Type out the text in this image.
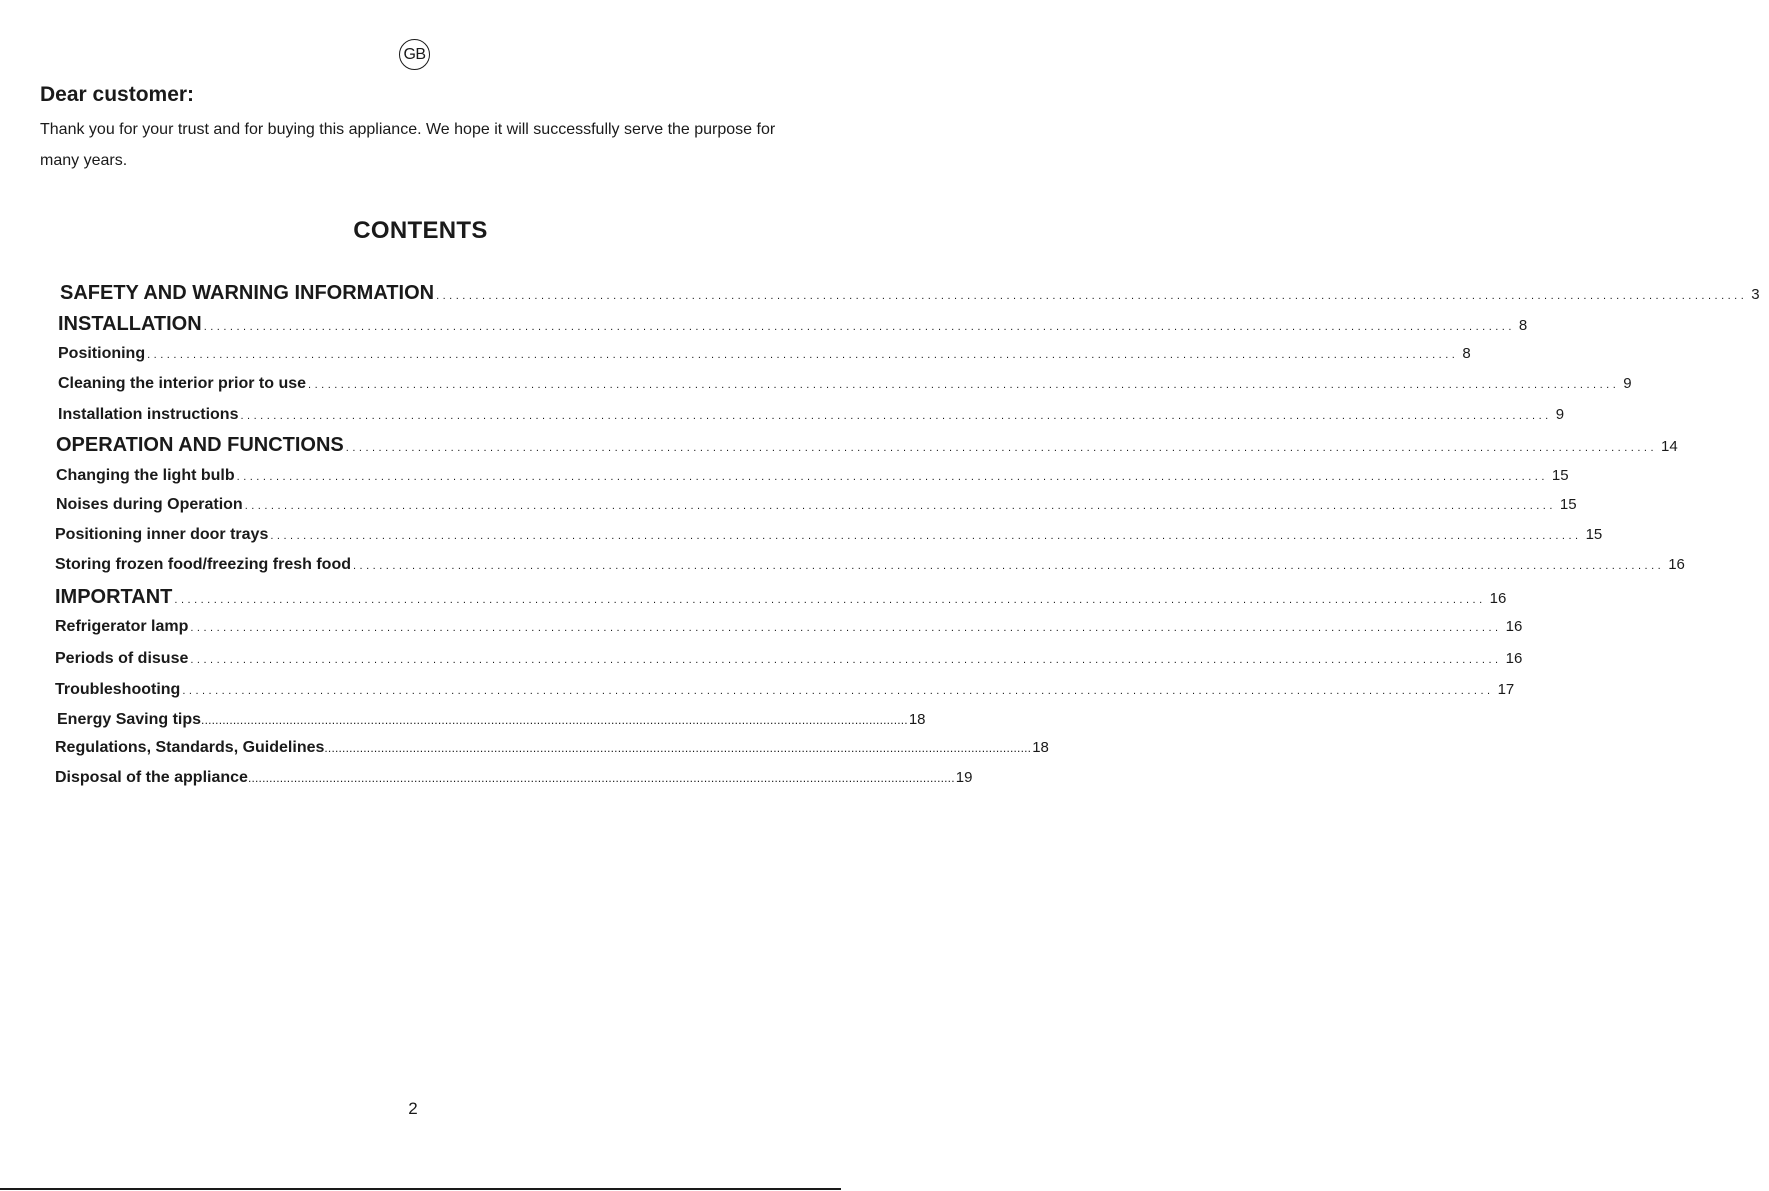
GB
Dear customer:

Thank you for your trust and for buying this appliance. We hope it will successfully serve the purpose for many years.

CONTENTS
SAFETY AND WARNING INFORMATION ........................................................................................................................................................................................................ 3
INSTALLATION ........................................................................................................................................................................................................ 8
Positioning ........................................................................................................................................................................................................ 8
Cleaning the interior prior to use ........................................................................................................................................................................................................ 9
Installation instructions ........................................................................................................................................................................................................ 9
OPERATION AND FUNCTIONS ........................................................................................................................................................................................................ 14
Changing the light bulb ........................................................................................................................................................................................................ 15
Noises during Operation ........................................................................................................................................................................................................ 15
Positioning inner door trays ........................................................................................................................................................................................................ 15
Storing frozen food/freezing fresh food ........................................................................................................................................................................................................ 16
IMPORTANT ........................................................................................................................................................................................................ 16
Refrigerator lamp ........................................................................................................................................................................................................ 16
Periods of disuse ........................................................................................................................................................................................................ 16
Troubleshooting ........................................................................................................................................................................................................ 17
Energy Saving tips ........................................................................................................................................................................................................ 18
Regulations, Standards, Guidelines ........................................................................................................................................................................................................ 18
Disposal of the appliance ........................................................................................................................................................................................................ 19
2
